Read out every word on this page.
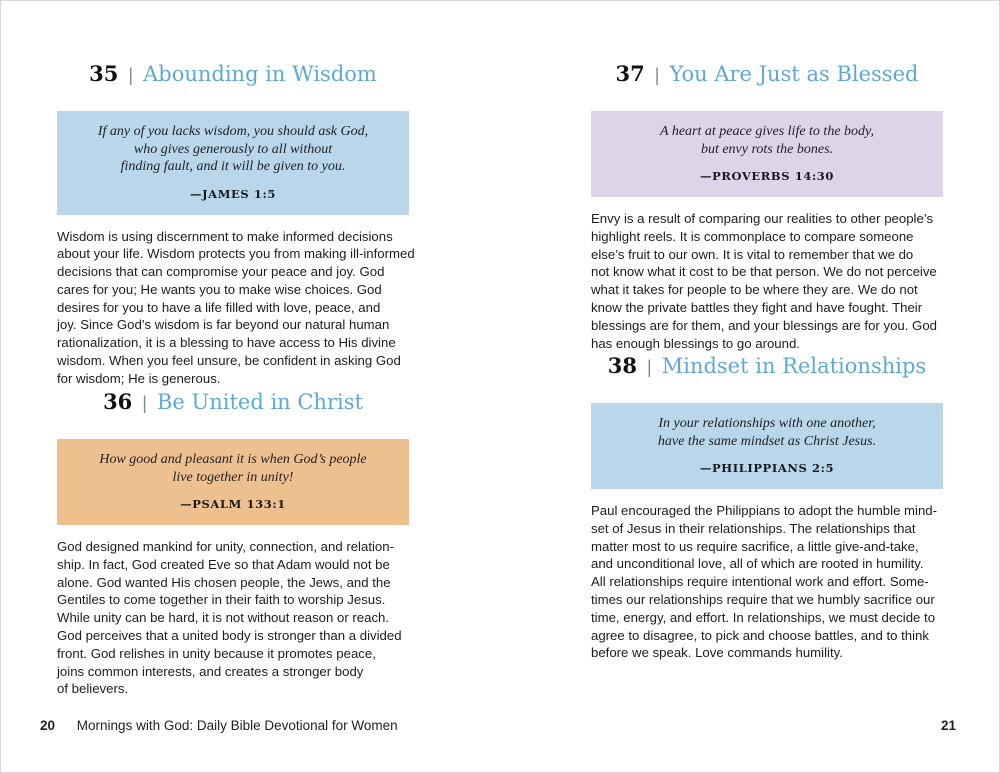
35 | Abounding in Wisdom
If any of you lacks wisdom, you should ask God,
who gives generously to all without
finding fault, and it will be given to you.
—JAMES 1:5
Wisdom is using discernment to make informed decisions
about your life. Wisdom protects you from making ill-informed
decisions that can compromise your peace and joy. God
cares for you; He wants you to make wise choices. God
desires for you to have a life filled with love, peace, and
joy. Since God’s wisdom is far beyond our natural human
rationalization, it is a blessing to have access to His divine
wisdom. When you feel unsure, be confident in asking God
for wisdom; He is generous.
36 | Be United in Christ
How good and pleasant it is when God’s people
live together in unity!
—PSALM 133:1
God designed mankind for unity, connection, and relation-
ship. In fact, God created Eve so that Adam would not be
alone. God wanted His chosen people, the Jews, and the
Gentiles to come together in their faith to worship Jesus.
While unity can be hard, it is not without reason or reach.
God perceives that a united body is stronger than a divided
front. God relishes in unity because it promotes peace,
joins common interests, and creates a stronger body
of believers.
37 | You Are Just as Blessed
A heart at peace gives life to the body,
but envy rots the bones.
—PROVERBS 14:30
Envy is a result of comparing our realities to other people’s
highlight reels. It is commonplace to compare someone
else’s fruit to our own. It is vital to remember that we do
not know what it cost to be that person. We do not perceive
what it takes for people to be where they are. We do not
know the private battles they fight and have fought. Their
blessings are for them, and your blessings are for you. God
has enough blessings to go around.
38 | Mindset in Relationships
In your relationships with one another,
have the same mindset as Christ Jesus.
—PHILIPPIANS 2:5
Paul encouraged the Philippians to adopt the humble mind-
set of Jesus in their relationships. The relationships that
matter most to us require sacrifice, a little give-and-take,
and unconditional love, all of which are rooted in humility.
All relationships require intentional work and effort. Some-
times our relationships require that we humbly sacrifice our
time, energy, and effort. In relationships, we must decide to
agree to disagree, to pick and choose battles, and to think
before we speak. Love commands humility.
20 Mornings with God: Daily Bible Devotional for Women	21
